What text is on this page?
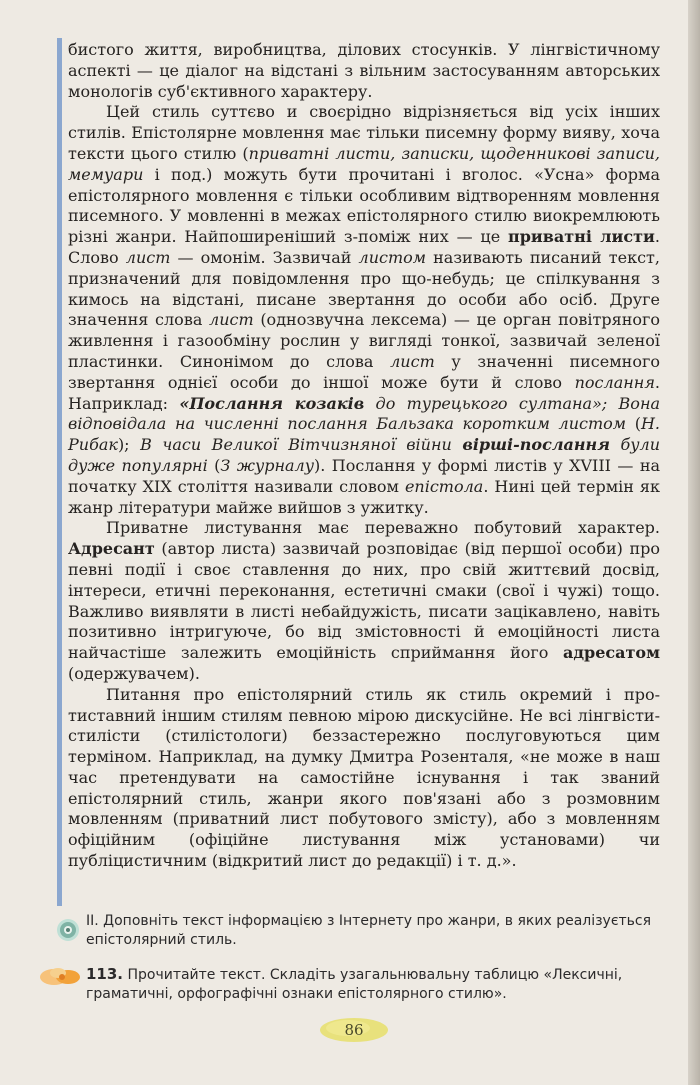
бистого життя, виробництва, ділових стосунків. У лінгвістичному аспекті — це діалог на відстані з вільним застосуванням авторських монологів суб'єктивного характеру.

Цей стиль суттєво и своєрідно відрізняється від усіх інших стилів. Епістолярне мовлення має тільки писемну форму вияву, хоча тексти цього стилю (приватні листи, записки, щоденникові записи, мемуари і под.) можуть бути прочитані і вголос. «Усна» форма епістолярного мовлення є тільки особливим відтворенням мовлення писемного. У мовленні в межах епістолярного стилю виокремлюють різні жанри. Найпоширеніший з-поміж них — це приватні листи. Слово лист — омонім. Зазвичай листом називають писаний текст, призначений для повідомлення про що-небудь; це спілкування з кимось на відстані, писане звертання до особи або осіб. Друге значення слова лист (однозвучна лексема) — це орган повітряного живлення і газообміну рослин у вигляді тонкої, зазвичай зеленої пластинки. Синонімом до слова лист у значенні писемного звертання однієї особи до іншої може бути й слово послання. Наприклад: «Послання козаків до турецького султана»; Вона відповідала на численні послання Бальзака коротким листом (Н. Рибак); В часи Великої Вітчизняної війни вірші-послання були дуже популярні (З журналу). Послання у формі листів у XVIII — на початку XIX століття називали словом епістола. Нині цей термін як жанр літератури майже вийшов з ужитку.

Приватне листування має переважно побутовий характер. Адресант (автор листа) зазвичай розповідає (від першої особи) про певні події і своє ставлення до них, про свій життєвий досвід, інтереси, етичні переконання, естетичні смаки (свої і чужі) тощо. Важливо виявляти в листі небайдужість, писати зацікавлено, навіть позитивно інтригуюче, бо від змістовності й емоційності листа найчастіше залежить емоційність сприймання його адресатом (одержувачем).

Питання про епістолярний стиль як стиль окремий і протиставний іншим стилям певною мірою дискусійне. Не всі лінгвісти-стилісти (стилістологи) беззастережно послуговуються цим терміном. Наприклад, на думку Дмитра Розенталя, «не може в наш час претендувати на самостійне існування і так званий епістолярний стиль, жанри якого пов'язані або з розмовним мовленням (приватний лист побутового змісту), або з мовленням офіційним (офіційне листування між установами) чи публіцистичним (відкритий лист до редакції) і т. д.».

ІІ. Доповніть текст інформацією з Інтернету про жанри, в яких реалізується епістолярний стиль.
113. Прочитайте текст. Складіть узагальнювальну таблицю «Лексичні, граматичні, орфографічні ознаки епістолярного стилю».
86
